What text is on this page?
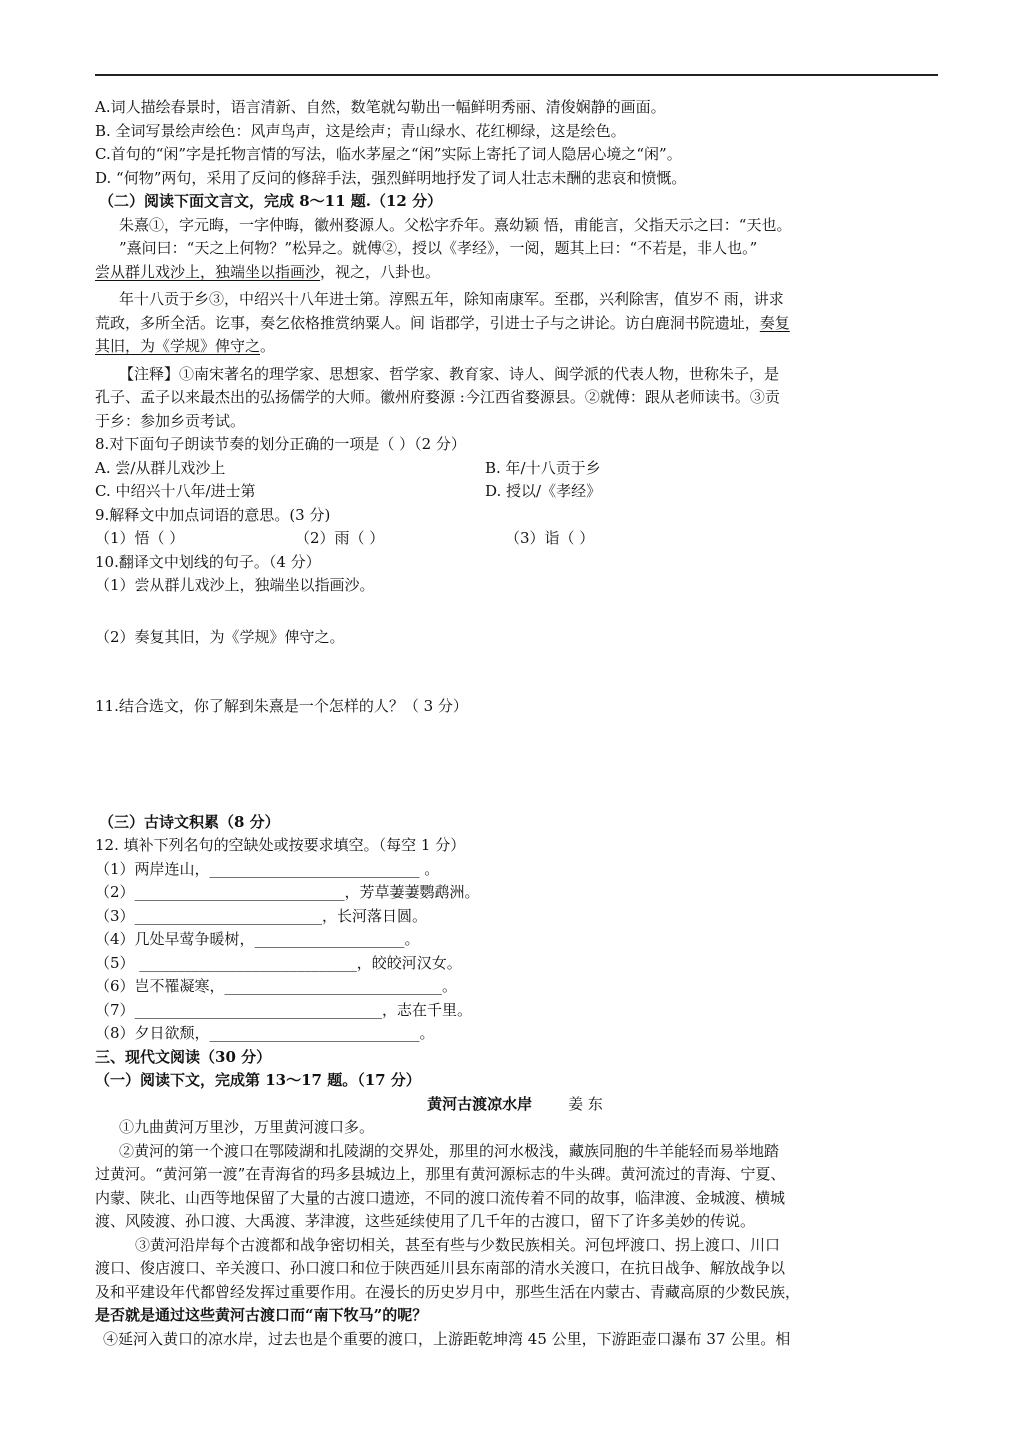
A.词人描绘春景时，语言清新、自然，数笔就勾勒出一幅鲜明秀丽、清俊娴静的画面。
B. 全词写景绘声绘色：风声鸟声，这是绘声；青山绿水、花红柳绿，这是绘色。
C.首句的“闲”字是托物言情的写法，临水茅屋之“闲”实际上寄托了词人隐居心境之“闲”。
D. “何物”两句，采用了反问的修辞手法，强烈鲜明地抒发了词人壮志未酬的悲哀和愤慨。
（二）阅读下面文言文，完成 8～11 题.（12 分）
朱熹①，字元晦，一字仲晦，徽州婺源人。父松字乔年。熹幼颖 悟，甫能言，父指天示之曰：“天也。
”熹问曰：“天之上何物？”松异之。就傅②，授以《孝经》，一阅，题其上曰：“不若是，非人也。”
尝从群儿戏沙上，独端坐以指画沙，视之，八卦也。
年十八贡于乡③，中绍兴十八年进士第。淳熙五年，除知南康军。至郡，兴利除害，值岁不 雨，讲求
荒政，多所全活。讫事，奏乞依格推赏纳粟人。间 诣郡学，引进士子与之讲论。访白鹿洞书院遗址，奏复
其旧，为《学规》俾守之。
【注释】①南宋著名的理学家、思想家、哲学家、教育家、诗人、闽学派的代表人物，世称朱子，是
孔子、孟子以来最杰出的弘扬儒学的大师。徽州府婺源 :今江西省婺源县。②就傅：跟从老师读书。③贡
于乡：参加乡贡考试。
8.对下面句子朗读节奏的划分正确的一项是（ ）（2 分）
A. 尝/从群儿戏沙上	B. 年/十八贡于乡
C. 中绍兴十八年/进士第	D. 授以/《孝经》
9.解释文中加点词语的意思。(3 分)
（1）悟（ ）	（2）雨（ ）	（3）诣（ ）
10.翻译文中划线的句子。（4 分）
（1）尝从群儿戏沙上，独端坐以指画沙。
（2）奏复其旧，为《学规》俾守之。
11.结合选文，你了解到朱熹是一个怎样的人？（ 3 分）
（三）古诗文积累（8 分）
12. 填补下列名句的空缺处或按要求填空。（每空 1 分）
（1）两岸连山，____________________________ 。
（2）____________________________，芳草萋萋鹦鹉洲。
（3）_________________________，长河落日圆。
（4）几处早莺争暖树，____________________。
（5） _____________________________，皎皎河汉女。
（6）岂不罹凝寒，_____________________________。
（7）_________________________________，志在千里。
（8）夕日欲颓，____________________________。
三、现代文阅读（30 分）
（一）阅读下文，完成第 13～17 题。（17 分）
黄河古渡凉水岸 姜 东
①九曲黄河万里沙，万里黄河渡口多。
②黄河的第一个渡口在鄂陵湖和扎陵湖的交界处，那里的河水极浅，藏族同胞的牛羊能轻而易举地踏
过黄河。“黄河第一渡”在青海省的玛多县城边上，那里有黄河源标志的牛头碑。黄河流过的青海、宁夏、
内蒙、陕北、山西等地保留了大量的古渡口遗迹，不同的渡口流传着不同的故事，临津渡、金城渡、横城
渡、风陵渡、孙口渡、大禹渡、茅津渡，这些延续使用了几千年的古渡口，留下了许多美妙的传说。
③黄河沿岸每个古渡都和战争密切相关，甚至有些与少数民族相关。河包坪渡口、拐上渡口、川口
渡口、俊店渡口、辛关渡口、孙口渡口和位于陕西延川县东南部的清水关渡口，在抗日战争、解放战争以
及和平建设年代都曾经发挥过重要作用。在漫长的历史岁月中，那些生活在内蒙古、青藏高原的少数民族，
是否就是通过这些黄河古渡口而“南下牧马”的呢？
④延河入黄口的凉水岸，过去也是个重要的渡口，上游距乾坤湾 45 公里，下游距壶口瀑布 37 公里。相
